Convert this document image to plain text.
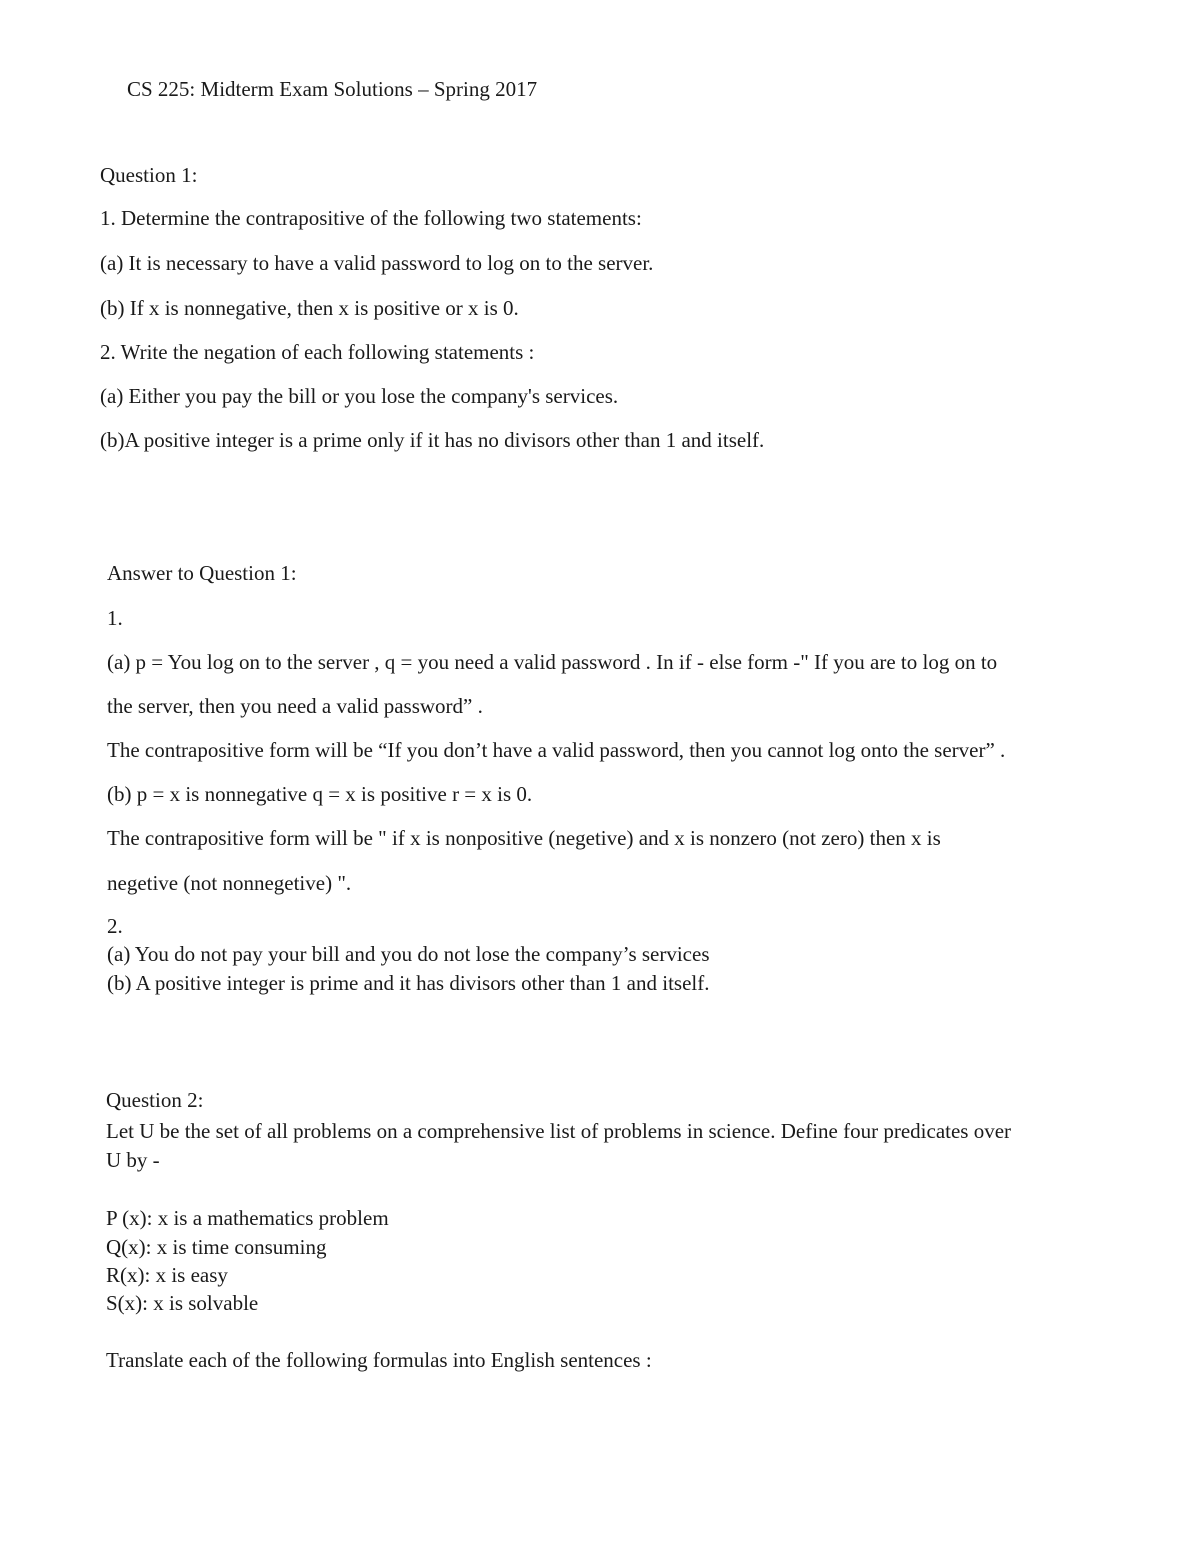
CS 225: Midterm Exam Solutions – Spring 2017
Question 1:
1. Determine the contrapositive of the following two statements:
(a) It is necessary to have a valid password to log on to the server.
(b) If x is nonnegative, then x is positive or x is 0.
2. Write the negation of each following statements :
(a) Either you pay the bill or you lose the company's services.
(b)A positive integer is a prime only if it has no divisors other than 1 and itself.
Answer to Question 1:
1.
(a) p = You log on to the server , q = you need a valid password . In if - else form -" If you are to log on to
the server, then you need a valid password” .
The contrapositive form will be “If you don’t have a valid password, then you cannot log onto the server” .
(b) p = x is nonnegative q = x is positive r = x is 0.
The contrapositive form will be " if x is nonpositive (negetive) and x is nonzero (not zero) then x is
negetive (not nonnegetive) ".
2.
(a) You do not pay your bill and you do not lose the company’s services
(b) A positive integer is prime and it has divisors other than 1 and itself.
Question 2:
Let U be the set of all problems on a comprehensive list of problems in science. Define four predicates over
U by -
P (x): x is a mathematics problem
Q(x): x is time consuming
R(x): x is easy
S(x): x is solvable
Translate each of the following formulas into English sentences :
